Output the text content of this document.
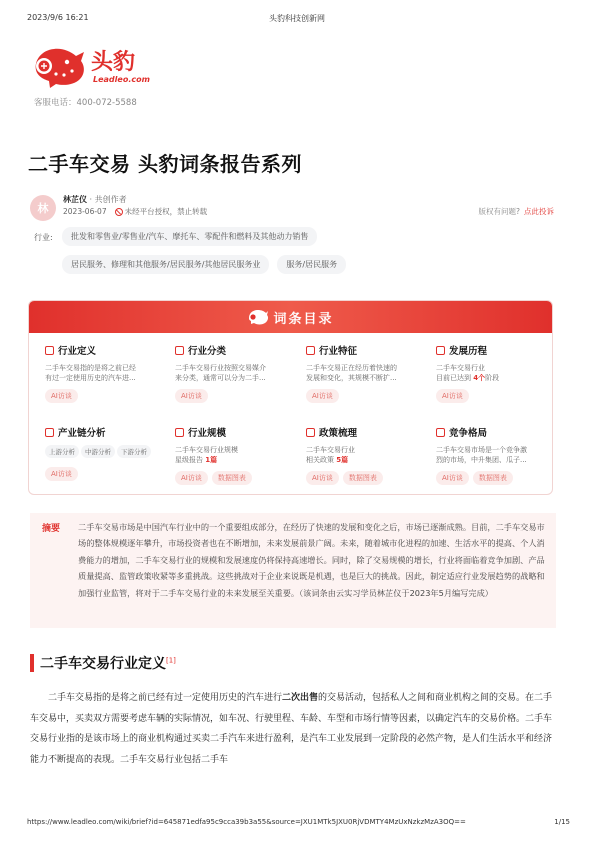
2023/9/6 16:21	头豹科技创新网
头豹
Leadleo.com
客服电话：400-072-5588
二手车交易 头豹词条报告系列
林
林芷仪 · 共创作者
2023-06-07	未经平台授权，禁止转载	版权有问题? 点此投诉
行业:	批发和零售业/零售业/汽车、摩托车、零配件和燃料及其他动力销售
居民服务、修理和其他服务/居民服务/其他居民服务业	服务/居民服务
词条目录
行业定义
二手车交易指的是将之前已经
有过一定使用历史的汽车进...
AI访谈
行业分类
二手车交易行业按照交易媒介
来分类，通常可以分为二手...
AI访谈
行业特征
二手车交易正在经历着快速的
发展和变化，其规模不断扩...
AI访谈
发展历程
二手车交易行业
目前已达到 4个阶段
AI访谈
产业链分析
上游分析 中游分析 下游分析
AI访谈
行业规模
二手车交易行业规模
星级报告 1篇
AI访谈 数据图表
政策梳理
二手车交易行业
相关政策 5篇
AI访谈 数据图表
竞争格局
二手车交易市场是一个竞争激
烈的市场，中升集团、瓜子...
AI访谈 数据图表
摘要 二手车交易市场是中国汽车行业中的一个重要组成部分，在经历了快速的发展和变化之后，市场已逐渐成熟。目前，二手车交易市场的整体规模逐年攀升，市场投资者也在不断增加，未来发展前景广阔。未来，随着城市化进程的加速、生活水平的提高、个人消费能力的增加，二手车交易行业的规模和发展速度仍将保持高速增长。同时，除了交易规模的增长，行业将面临着竞争加剧、产品质量提高、监管政策收紧等多重挑战。这些挑战对于企业来说既是机遇，也是巨大的挑战。因此，制定适应行业发展趋势的战略和加强行业监管，将对于二手车交易行业的未来发展至关重要。（该词条由云实习学员林芷仪于2023年5月编写完成）
二手车交易行业定义[1]
二手车交易指的是将之前已经有过一定使用历史的汽车进行二次出售的交易活动，包括私人之间和商业机构之间的交易。在二手车交易中，买卖双方需要考虑车辆的实际情况，如车况、行驶里程、车龄、车型和市场行情等因素，以确定汽车的交易价格。二手车交易行业指的是该市场上的商业机构通过买卖二手汽车来进行盈利，是汽车工业发展到一定阶段的必然产物，是人们生活水平和经济能力不断提高的表现。二手车交易行业包括二手车
https://www.leadleo.com/wiki/brief?id=645871edfa95c9cca39b3a55&source=JXU1MTk5JXU0RjVDMTY4MzUxNzkzMzA3OQ==	1/15
